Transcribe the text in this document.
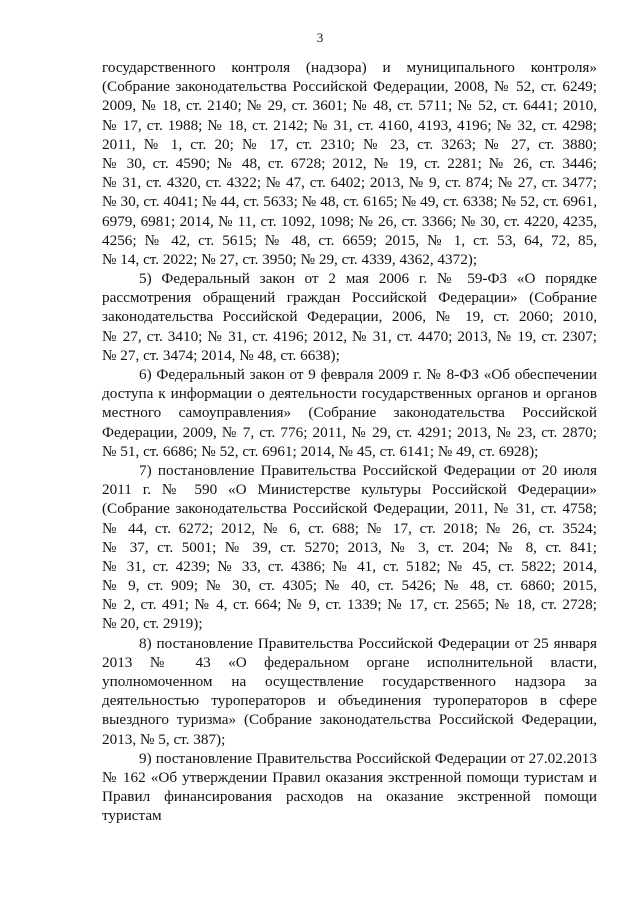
3
государственного контроля (надзора) и муниципального контроля»
(Собрание законодательства Российской Федерации, 2008, № 52, ст. 6249;
2009, № 18, ст. 2140; № 29, ст. 3601; № 48, ст. 5711; № 52, ст. 6441; 2010,
№ 17, ст. 1988; № 18, ст. 2142; № 31, ст. 4160, 4193, 4196; № 32, ст. 4298;
2011, № 1, ст. 20; № 17, ст. 2310; № 23, ст. 3263; № 27, ст. 3880;
№ 30, ст. 4590; № 48, ст. 6728; 2012, № 19, ст. 2281; № 26, ст. 3446;
№ 31, ст. 4320, ст. 4322; № 47, ст. 6402; 2013, № 9, ст. 874; № 27, ст. 3477;
№ 30, ст. 4041; № 44, ст. 5633; № 48, ст. 6165; № 49, ст. 6338; № 52, ст. 6961,
6979, 6981; 2014, № 11, ст. 1092, 1098; № 26, ст. 3366; № 30, ст. 4220, 4235,
4256; № 42, ст. 5615; № 48, ст. 6659; 2015, № 1, ст. 53, 64, 72, 85,
№ 14, ст. 2022; № 27, ст. 3950; № 29, ст. 4339, 4362, 4372);
5) Федеральный закон от 2 мая 2006 г. № 59-ФЗ «О порядке
рассмотрения обращений граждан Российской Федерации» (Собрание
законодательства Российской Федерации, 2006, № 19, ст. 2060; 2010,
№ 27, ст. 3410; № 31, ст. 4196; 2012, № 31, ст. 4470; 2013, № 19, ст. 2307;
№ 27, ст. 3474; 2014, № 48, ст. 6638);
6) Федеральный закон от 9 февраля 2009 г. № 8-ФЗ «Об обеспечении
доступа к информации о деятельности государственных органов и органов
местного самоуправления» (Собрание законодательства Российской
Федерации, 2009, № 7, ст. 776; 2011, № 29, ст. 4291; 2013, № 23, ст. 2870;
№ 51, ст. 6686; № 52, ст. 6961; 2014, № 45, ст. 6141; № 49, ст. 6928);
7) постановление Правительства Российской Федерации от 20 июля
2011 г. № 590 «О Министерстве культуры Российской Федерации»
(Собрание законодательства Российской Федерации, 2011, № 31, ст. 4758;
№ 44, ст. 6272; 2012, № 6, ст. 688; № 17, ст. 2018; № 26, ст. 3524;
№ 37, ст. 5001; № 39, ст. 5270; 2013, № 3, ст. 204; № 8, ст. 841;
№ 31, ст. 4239; № 33, ст. 4386; № 41, ст. 5182; № 45, ст. 5822; 2014,
№ 9, ст. 909; № 30, ст. 4305; № 40, ст. 5426; № 48, ст. 6860; 2015,
№ 2, ст. 491; № 4, ст. 664; № 9, ст. 1339; № 17, ст. 2565; № 18, ст. 2728;
№ 20, ст. 2919);
8) постановление Правительства Российской Федерации от 25 января
2013 № 43 «О федеральном органе исполнительной власти,
уполномоченном на осуществление государственного надзора за
деятельностью туроператоров и объединения туроператоров в сфере
выездного туризма» (Собрание законодательства Российской Федерации,
2013, № 5, ст. 387);
9) постановление Правительства Российской Федерации от 27.02.2013
№ 162 «Об утверждении Правил оказания экстренной помощи туристам и
Правил финансирования расходов на оказание экстренной помощи туристам
